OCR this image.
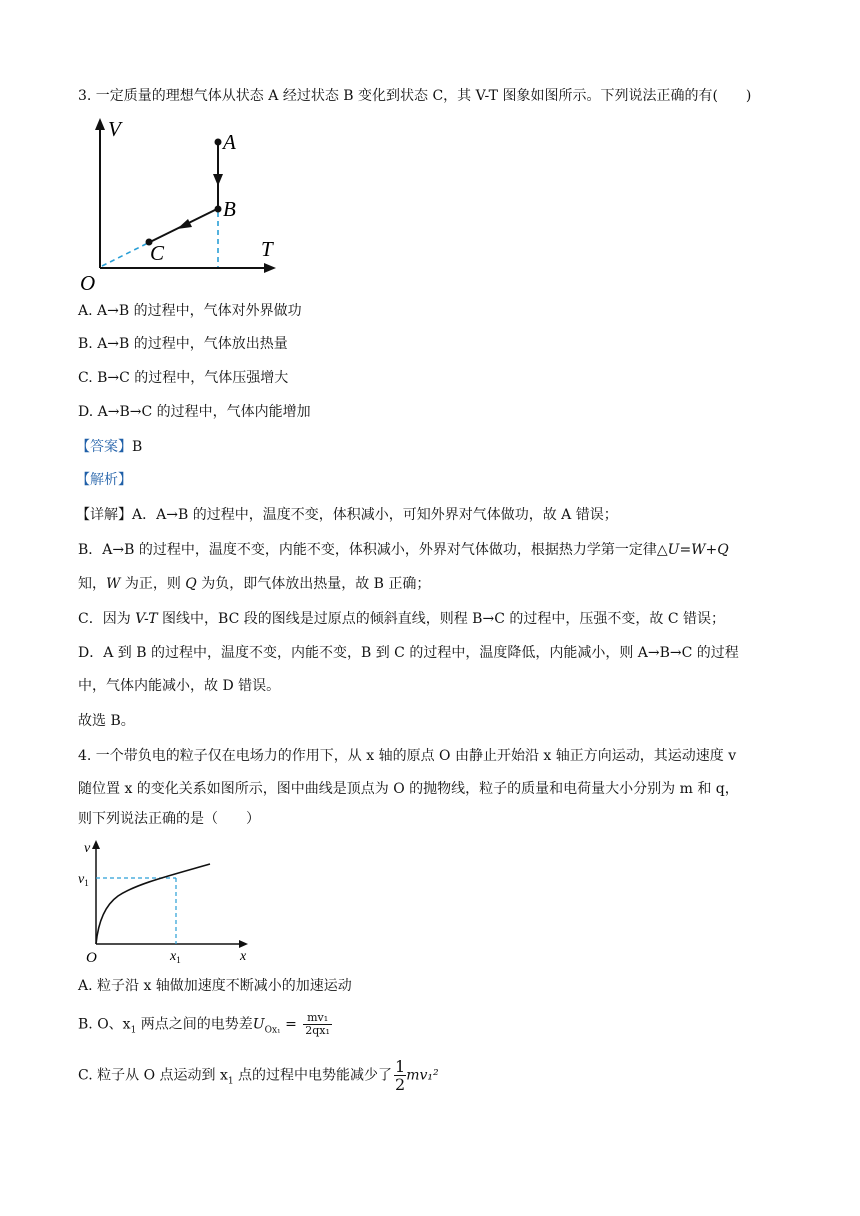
3. 一定质量的理想气体从状态 A 经过状态 B 变化到状态 C，其 V-T 图象如图所示。下列说法正确的有(　　)
V
A
B
C	T
O
A. A→B 的过程中，气体对外界做功
B. A→B 的过程中，气体放出热量
C. B→C 的过程中，气体压强增大
D. A→B→C 的过程中，气体内能增加
【答案】B
【解析】
【详解】A．A→B 的过程中，温度不变，体积减小，可知外界对气体做功，故 A 错误；
B．A→B 的过程中，温度不变，内能不变，体积减小，外界对气体做功，根据热力学第一定律△U=W+Q
知，W 为正，则 Q 为负，即气体放出热量，故 B 正确；
C．因为 V-T 图线中，BC 段的图线是过原点的倾斜直线，则程 B→C 的过程中，压强不变，故 C 错误；
D．A 到 B 的过程中，温度不变，内能不变，B 到 C 的过程中，温度降低，内能减小，则 A→B→C 的过程
中，气体内能减小，故 D 错误。
故选 B。
4. 一个带负电的粒子仅在电场力的作用下，从 x 轴的原点 O 由静止开始沿 x 轴正方向运动，其运动速度 v
随位置 x 的变化关系如图所示，图中曲线是顶点为 O 的抛物线，粒子的质量和电荷量大小分别为 m 和 q，
则下列说法正确的是（　　）
v
$v_1$
$x_1$	x
O
A. 粒子沿 x 轴做加速度不断减小的加速运动
B. O、$x_1$ 两点之间的电势差$U_{Ox_1} = \frac{\text{mv₁}}{\text{2qx₁}}$
C. 粒子从 O 点运动到 $x_1$ 点的过程中电势能减少了 $\frac{1}{2} mv_1^2$
